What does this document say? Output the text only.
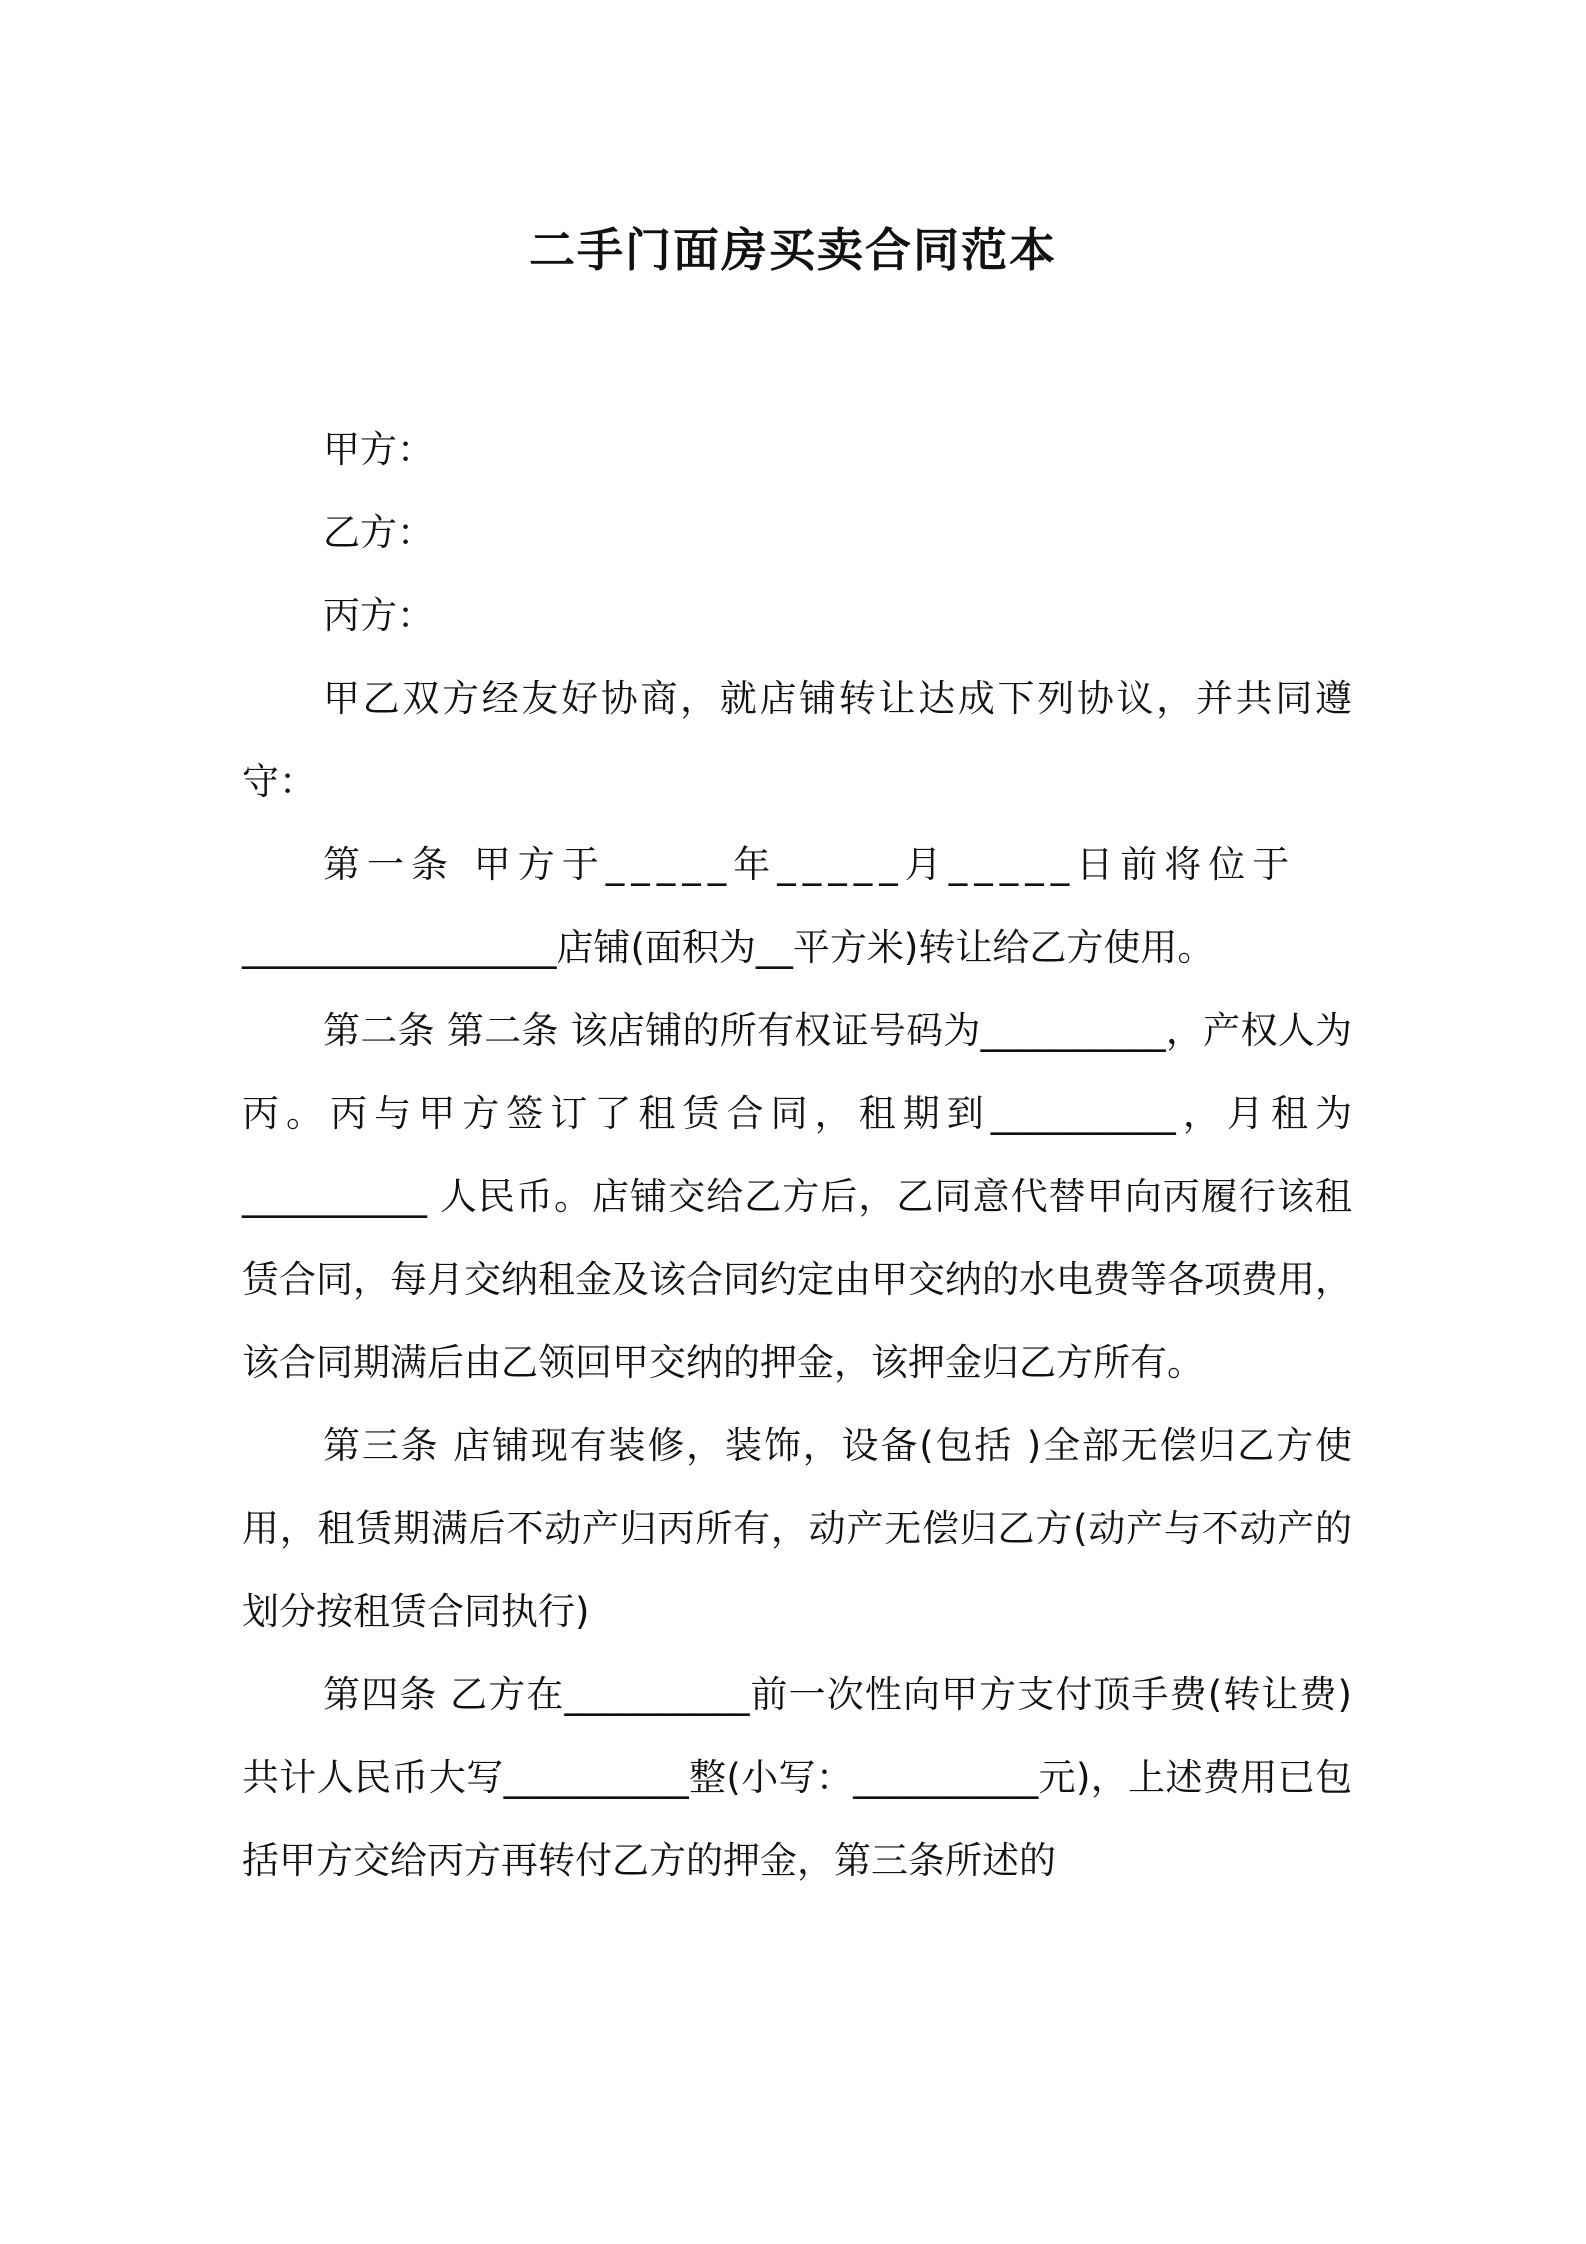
二手门面房买卖合同范本

甲方：

乙方：

丙方：

甲乙双方经友好协商，就店铺转让达成下列协议，并共同遵守：

第一条 甲方于_____年_____月_____日前将位于

_________________店铺(面积为__平方米)转让给乙方使用。

第二条 第二条 该店铺的所有权证号码为__________，产权人为丙。丙与甲方签订了租赁合同，租期到__________，月租为__________ 人民币。店铺交给乙方后，乙同意代替甲向丙履行该租赁合同，每月交纳租金及该合同约定由甲交纳的水电费等各项费用，该合同期满后由乙领回甲交纳的押金，该押金归乙方所有。

第三条 店铺现有装修，装饰，设备(包括 )全部无偿归乙方使用，租赁期满后不动产归丙所有，动产无偿归乙方(动产与不动产的划分按租赁合同执行)

第四条 乙方在__________前一次性向甲方支付顶手费(转让费)共计人民币大写__________整(小写：__________元)，上述费用已包括甲方交给丙方再转付乙方的押金，第三条所述的
